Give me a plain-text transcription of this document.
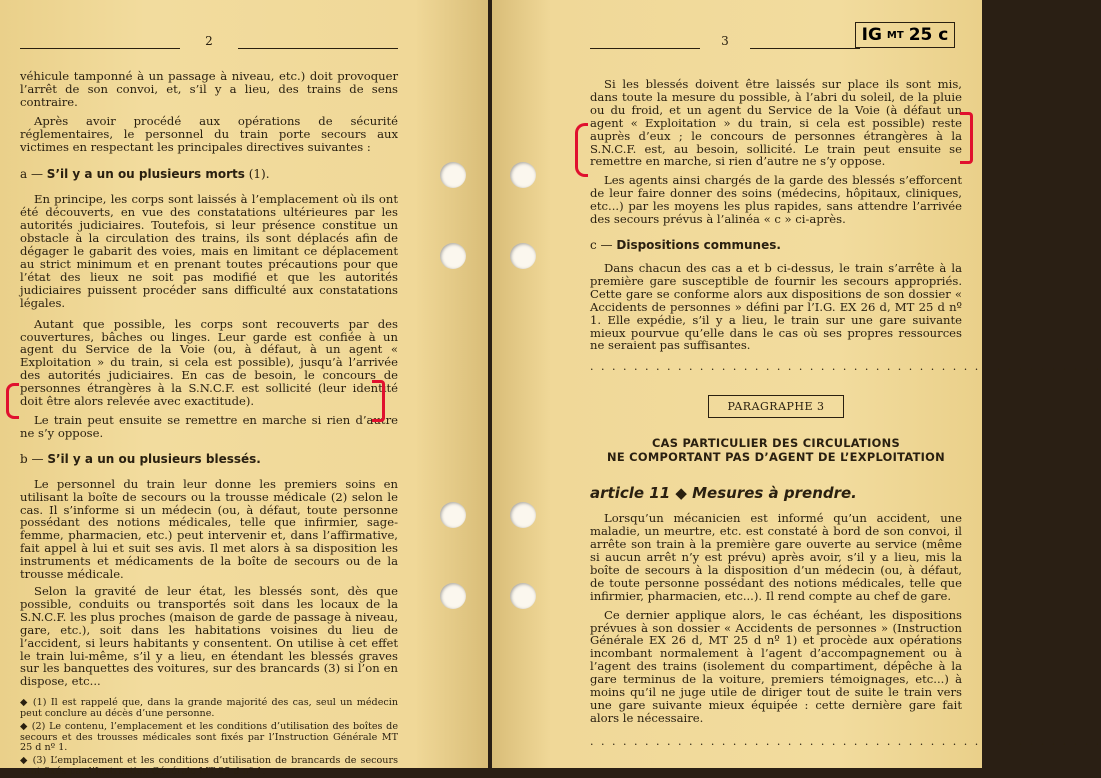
2

véhicule tamponné à un passage à niveau, etc.) doit provoquer l’arrêt de son convoi, et, s’il y a lieu, des trains de sens contraire.

Après avoir procédé aux opérations de sécurité réglementaires, le personnel du train porte secours aux victimes en respectant les principales directives suivantes :

a — S’il y a un ou plusieurs morts (1).

En principe, les corps sont laissés à l’emplacement où ils ont été découverts, en vue des constatations ultérieures par les autorités judiciaires. Toutefois, si leur présence constitue un obstacle à la circulation des trains, ils sont déplacés afin de dégager le gabarit des voies, mais en limitant ce déplacement au strict minimum et en prenant toutes précautions pour que l’état des lieux ne soit pas modifié et que les autorités judiciaires puissent procéder sans difficulté aux constatations légales.

Autant que possible, les corps sont recouverts par des couvertures, bâches ou linges. Leur garde est confiée à un agent du Service de la Voie (ou, à défaut, à un agent « Exploitation » du train, si cela est possible), jusqu’à l’arrivée des autorités judiciaires. En cas de besoin, le concours de personnes étrangères à la S.N.C.F. est sollicité (leur identité doit être alors relevée avec exactitude).

Le train peut ensuite se remettre en marche si rien d’autre ne s’y oppose.

b — S’il y a un ou plusieurs blessés.

Le personnel du train leur donne les premiers soins en utilisant la boîte de secours ou la trousse médicale (2) selon le cas. Il s’informe si un médecin (ou, à défaut, toute personne possédant des notions médicales, telle que infirmier, sage-femme, pharmacien, etc.) peut intervenir et, dans l’affirmative, fait appel à lui et suit ses avis. Il met alors à sa disposition les instruments et médicaments de la boîte de secours ou de la trousse médicale.

Selon la gravité de leur état, les blessés sont, dès que possible, conduits ou transportés soit dans les locaux de la S.N.C.F. les plus proches (maison de garde de passage à niveau, gare, etc.), soit dans les habitations voisines du lieu de l’accident, si leurs habitants y consentent. On utilise à cet effet le train lui-même, s’il y a lieu, en étendant les blessés graves sur les banquettes des voitures, sur des brancards (3) si l’on en dispose, etc...

◆ (1) Il est rappelé que, dans la grande majorité des cas, seul un médecin peut conclure au décès d’une personne.

◆ (2) Le contenu, l’emplacement et les conditions d’utilisation des boîtes de secours et des trousses médicales sont fixés par l’Instruction Générale MT 25 d nº 1.

◆ (3) L’emplacement et les conditions d’utilisation de brancards de secours sont fixés par l’Instruction Générale MT 25 d nº 1.

3

Si les blessés doivent être laissés sur place ils sont mis, dans toute la mesure du possible, à l’abri du soleil, de la pluie ou du froid, et un agent du Service de la Voie (à défaut un agent « Exploitation » du train, si cela est possible) reste auprès d’eux ; le concours de personnes étrangères à la S.N.C.F. est, au besoin, sollicité. Le train peut ensuite se remettre en marche, si rien d’autre ne s’y oppose.

Les agents ainsi chargés de la garde des blessés s’efforcent de leur faire donner des soins (médecins, hôpitaux, cliniques, etc...) par les moyens les plus rapides, sans attendre l’arrivée des secours prévus à l’alinéa « c » ci-après.

c — Dispositions communes.

Dans chacun des cas a et b ci-dessus, le train s’arrête à la première gare susceptible de fournir les secours appropriés. Cette gare se conforme alors aux dispositions de son dossier « Accidents de personnes » défini par l’I.G. EX 26 d, MT 25 d nº 1. Elle expédie, s’il y a lieu, le train sur une gare suivante mieux pourvue qu’elle dans le cas où ses propres ressources ne seraient pas suffisantes.

. . . . . . . . . . . . . . . . . . . . . . . . . . . . . . . . . . . . . . . . . . . . . . .
PARAGRAPHE 3
CAS PARTICULIER DES CIRCULATIONS
NE COMPORTANT PAS D’AGENT DE L’EXPLOITATION
article 11 ◆ Mesures à prendre.

Lorsqu’un mécanicien est informé qu’un accident, une maladie, un meurtre, etc. est constaté à bord de son convoi, il arrête son train à la première gare ouverte au service (même si aucun arrêt n’y est prévu) après avoir, s’il y a lieu, mis la boîte de secours à la disposition d’un médecin (ou, à défaut, de toute personne possédant des notions médicales, telle que infirmier, pharmacien, etc...). Il rend compte au chef de gare.

Ce dernier applique alors, le cas échéant, les dispositions prévues à son dossier « Accidents de personnes » (Instruction Générale EX 26 d, MT 25 d nº 1) et procède aux opérations incombant normalement à l’agent d’accompagnement ou à l’agent des trains (isolement du compartiment, dépêche à la gare terminus de la voiture, premiers témoignages, etc...) à moins qu’il ne juge utile de diriger tout de suite le train vers une gare suivante mieux équipée : cette dernière gare fait alors le nécessaire.

. . . . . . . . . . . . . . . . . . . . . . . . . . . . . . . . . . . . . . . . . . . . . . .
IG MT 25 c
